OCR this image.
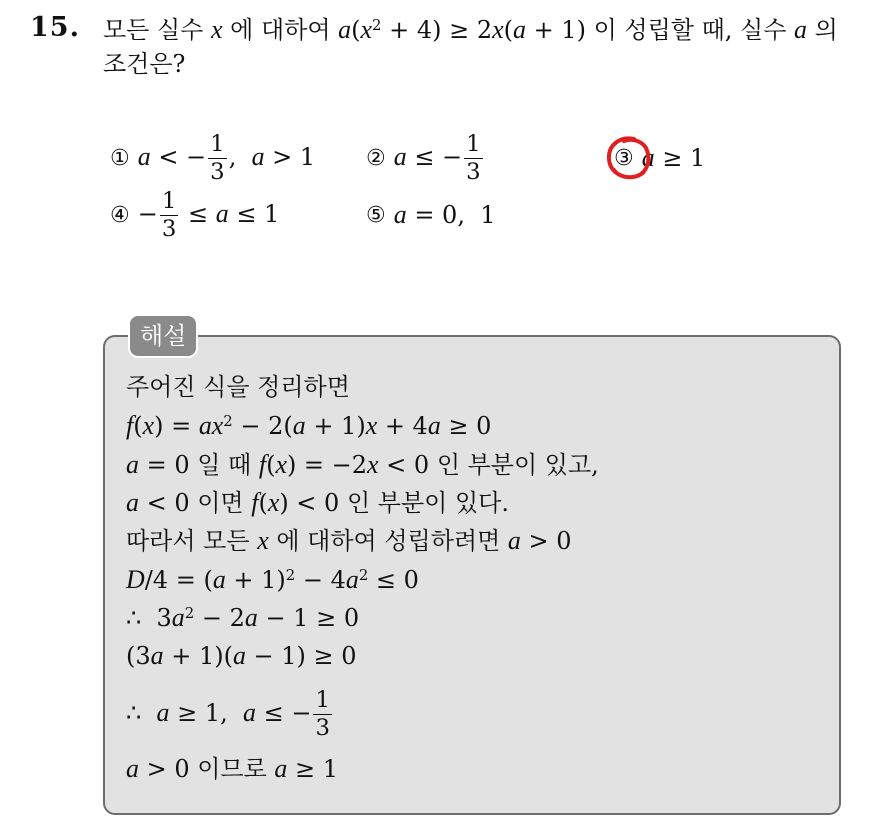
15. 모든 실수 x 에 대하여 $a(x^2 + 4) \ge 2x(a + 1)$ 이 성립할 때, 실수 a 의
조건은?
① a < − $\frac{1}{3}$ ,  a > 1 ② a ≤ − $\frac{1}{3}$	③ a ≥ 1
④ − $\frac{1}{3} \le a \le 1$	⑤ a = 0,  1
해설
주어진 식을 정리하면
$f(x) = ax^2 - 2(a + 1)x + 4a \ge 0$
a = 0 일 때 f(x) = −2x < 0 인 부분이 있고,
a < 0 이면 f(x) < 0 인 부분이 있다.
따라서 모든 x 에 대하여 성립하려면 a > 0
$D/4 = (a + 1)^2 - 4a^2 \le 0$
∴  $3a^2 - 2a - 1 \ge 0$
(3a + 1)(a − 1) ≥ 0
∴  a ≥ 1,  a ≤ − $\frac{1}{3}$
a > 0 이므로 a ≥ 1
